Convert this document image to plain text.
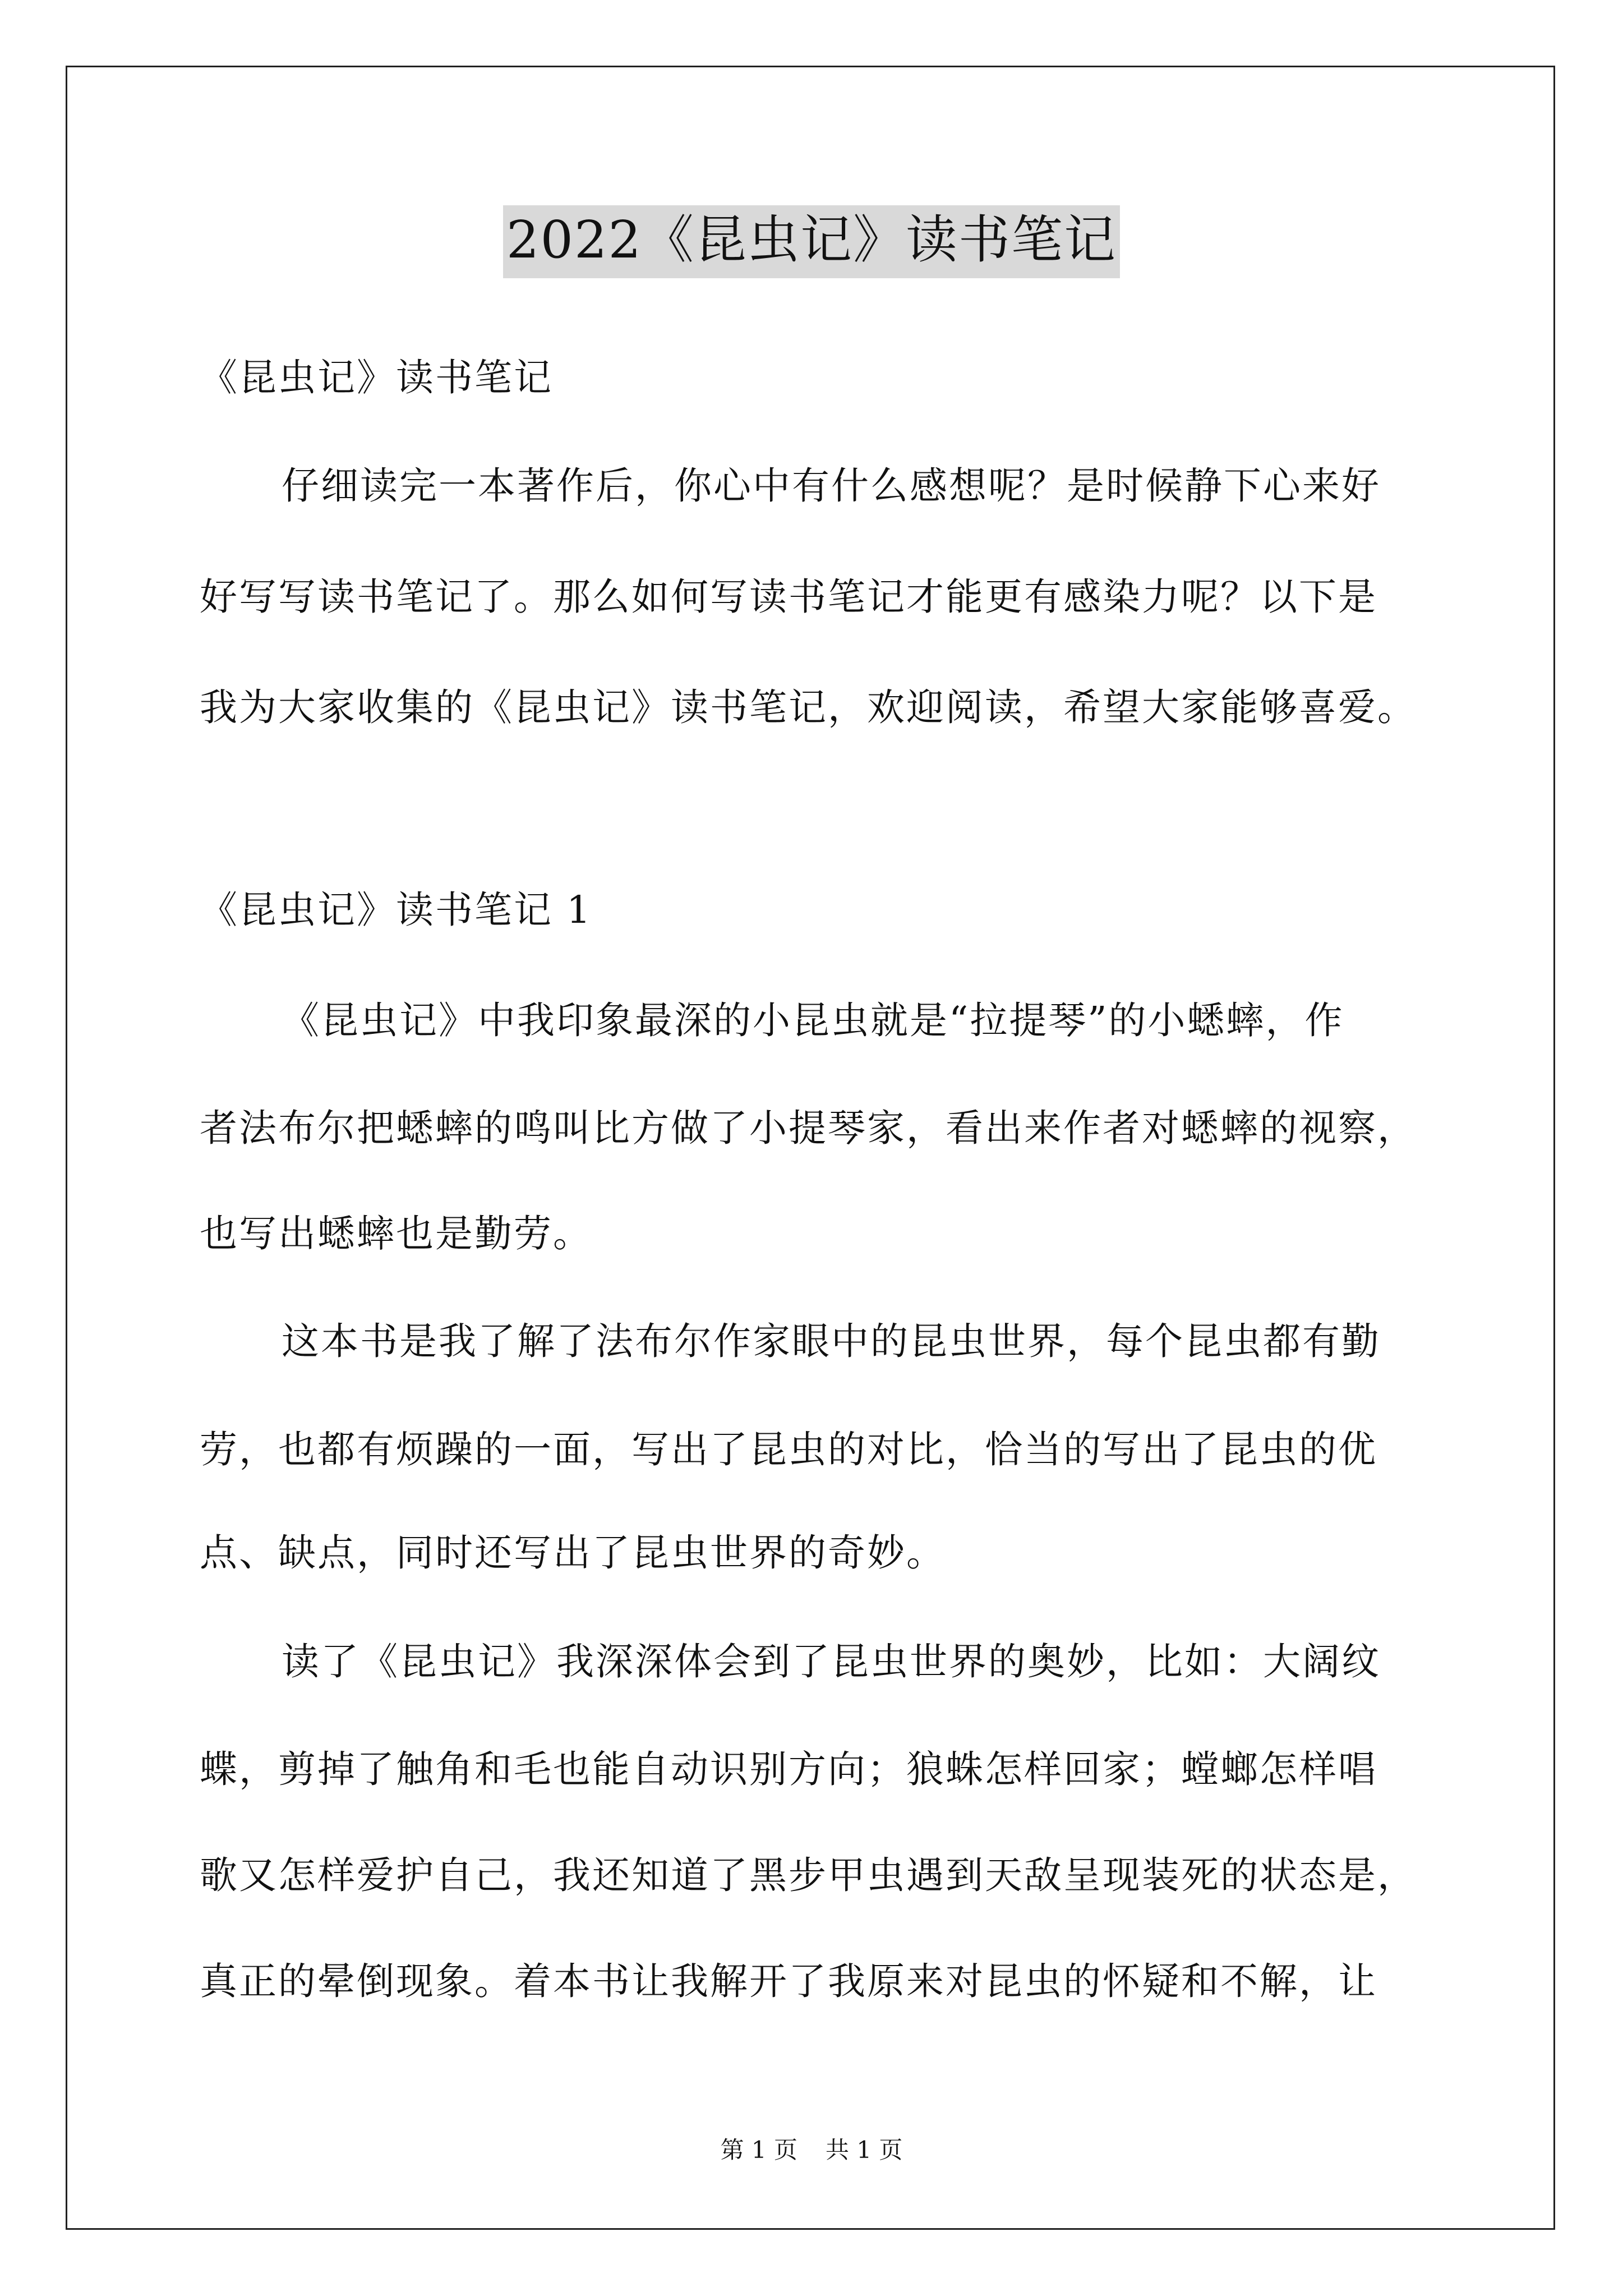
2022《昆虫记》读书笔记
《昆虫记》读书笔记
仔细读完一本著作后，你心中有什么感想呢？是时候静下心来好
好写写读书笔记了。那么如何写读书笔记才能更有感染力呢？以下是
我为大家收集的《昆虫记》读书笔记，欢迎阅读，希望大家能够喜爱。
《昆虫记》读书笔记 1
《昆虫记》中我印象最深的小昆虫就是“拉提琴”的小蟋蟀，作
者法布尔把蟋蟀的鸣叫比方做了小提琴家，看出来作者对蟋蟀的视察，
也写出蟋蟀也是勤劳。
这本书是我了解了法布尔作家眼中的昆虫世界，每个昆虫都有勤
劳，也都有烦躁的一面，写出了昆虫的对比，恰当的写出了昆虫的优
点、缺点，同时还写出了昆虫世界的奇妙。
读了《昆虫记》我深深体会到了昆虫世界的奥妙，比如：大阔纹
蝶，剪掉了触角和毛也能自动识别方向；狼蛛怎样回家；螳螂怎样唱
歌又怎样爱护自己，我还知道了黑步甲虫遇到天敌呈现装死的状态是，
真正的晕倒现象。着本书让我解开了我原来对昆虫的怀疑和不解，让
第 1 页 共 1 页
